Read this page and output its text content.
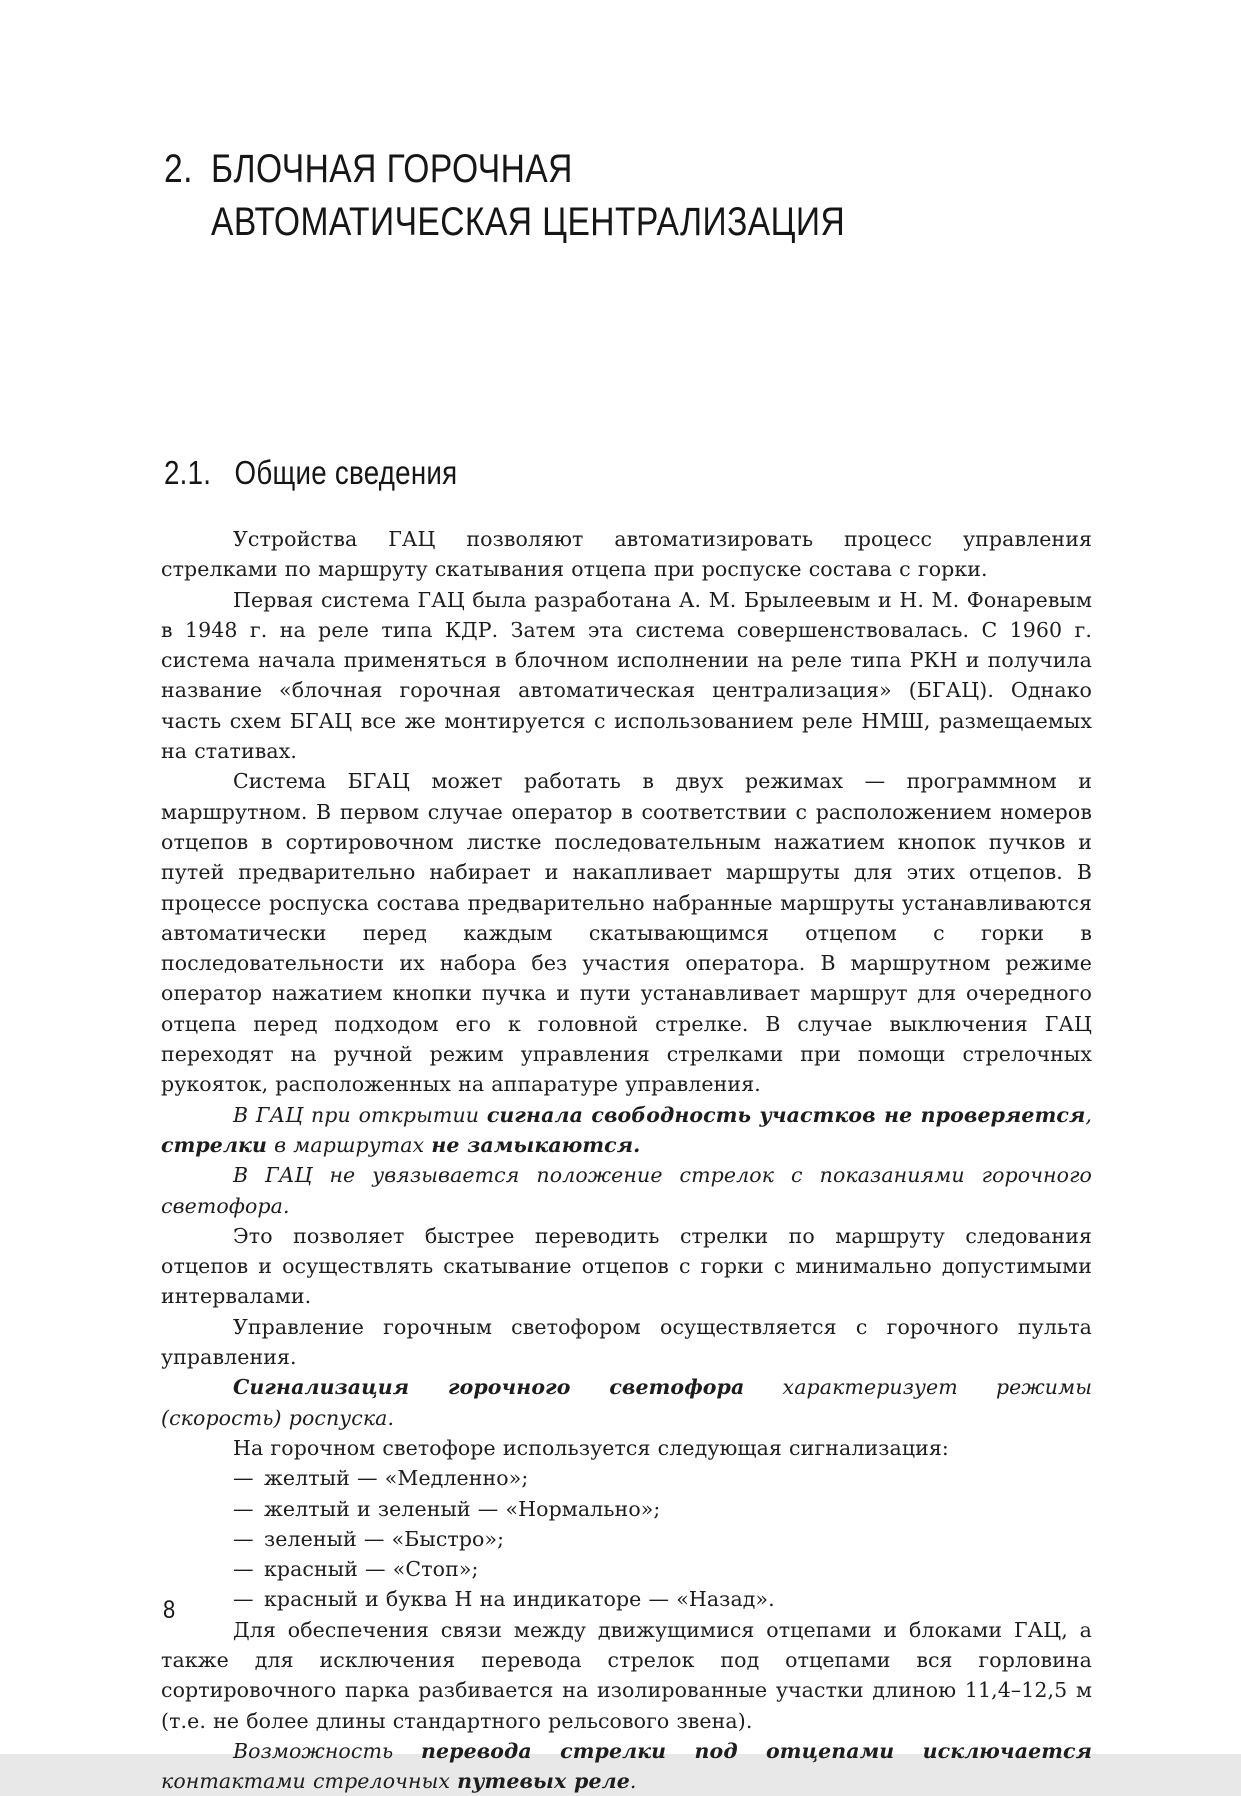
2. БЛОЧНАЯ ГОРОЧНАЯ
АВТОМАТИЧЕСКАЯ ЦЕНТРАЛИЗАЦИЯ
2.1. Общие сведения

Устройства ГАЦ позволяют автоматизировать процесс управления стрелками по маршруту скатывания отцепа при роспуске состава с горки.

Первая система ГАЦ была разработана А. М. Брылеевым и Н. М. Фонаревым в 1948 г. на реле типа КДР. Затем эта система совершенствовалась. С 1960 г. система начала применяться в блочном исполнении на реле типа РКН и получила название «блочная горочная автоматическая централизация» (БГАЦ). Однако часть схем БГАЦ все же монтируется с использованием реле НМШ, размещаемых на стативах.

Система БГАЦ может работать в двух режимах — программном и маршрутном. В первом случае оператор в соответствии с расположением номеров отцепов в сортировочном листке последовательным нажатием кнопок пучков и путей предварительно набирает и накапливает маршруты для этих отцепов. В процессе роспуска состава предварительно набранные маршруты устанавливаются автоматически перед каждым скатывающимся отцепом с горки в последовательности их набора без участия оператора. В маршрутном режиме оператор нажатием кнопки пучка и пути устанавливает маршрут для очередного отцепа перед подходом его к головной стрелке. В случае выключения ГАЦ переходят на ручной режим управления стрелками при помощи стрелочных рукояток, расположенных на аппаратуре управления.

В ГАЦ при открытии сигнала свободность участков не проверяется, стрелки в маршрутах не замыкаются.

В ГАЦ не увязывается положение стрелок с показаниями горочного светофора.

Это позволяет быстрее переводить стрелки по маршруту следования отцепов и осуществлять скатывание отцепов с горки с минимально допустимыми интервалами.

Управление горочным светофором осуществляется с горочного пульта управления.

Сигнализация горочного светофора характеризует режимы (скорость) роспуска.

На горочном светофоре используется следующая сигнализация:

— желтый — «Медленно»;

— желтый и зеленый — «Нормально»;

— зеленый — «Быстро»;

— красный — «Стоп»;

— красный и буква Н на индикаторе — «Назад».

Для обеспечения связи между движущимися отцепами и блоками ГАЦ, а также для исключения перевода стрелок под отцепами вся горловина сортировочного парка разбивается на изолированные участки длиною 11,4–12,5 м (т.е. не более длины стандартного рельсового звена).

Возможность перевода стрелки под отцепами исключается контактами стрелочных путевых реле.

8
